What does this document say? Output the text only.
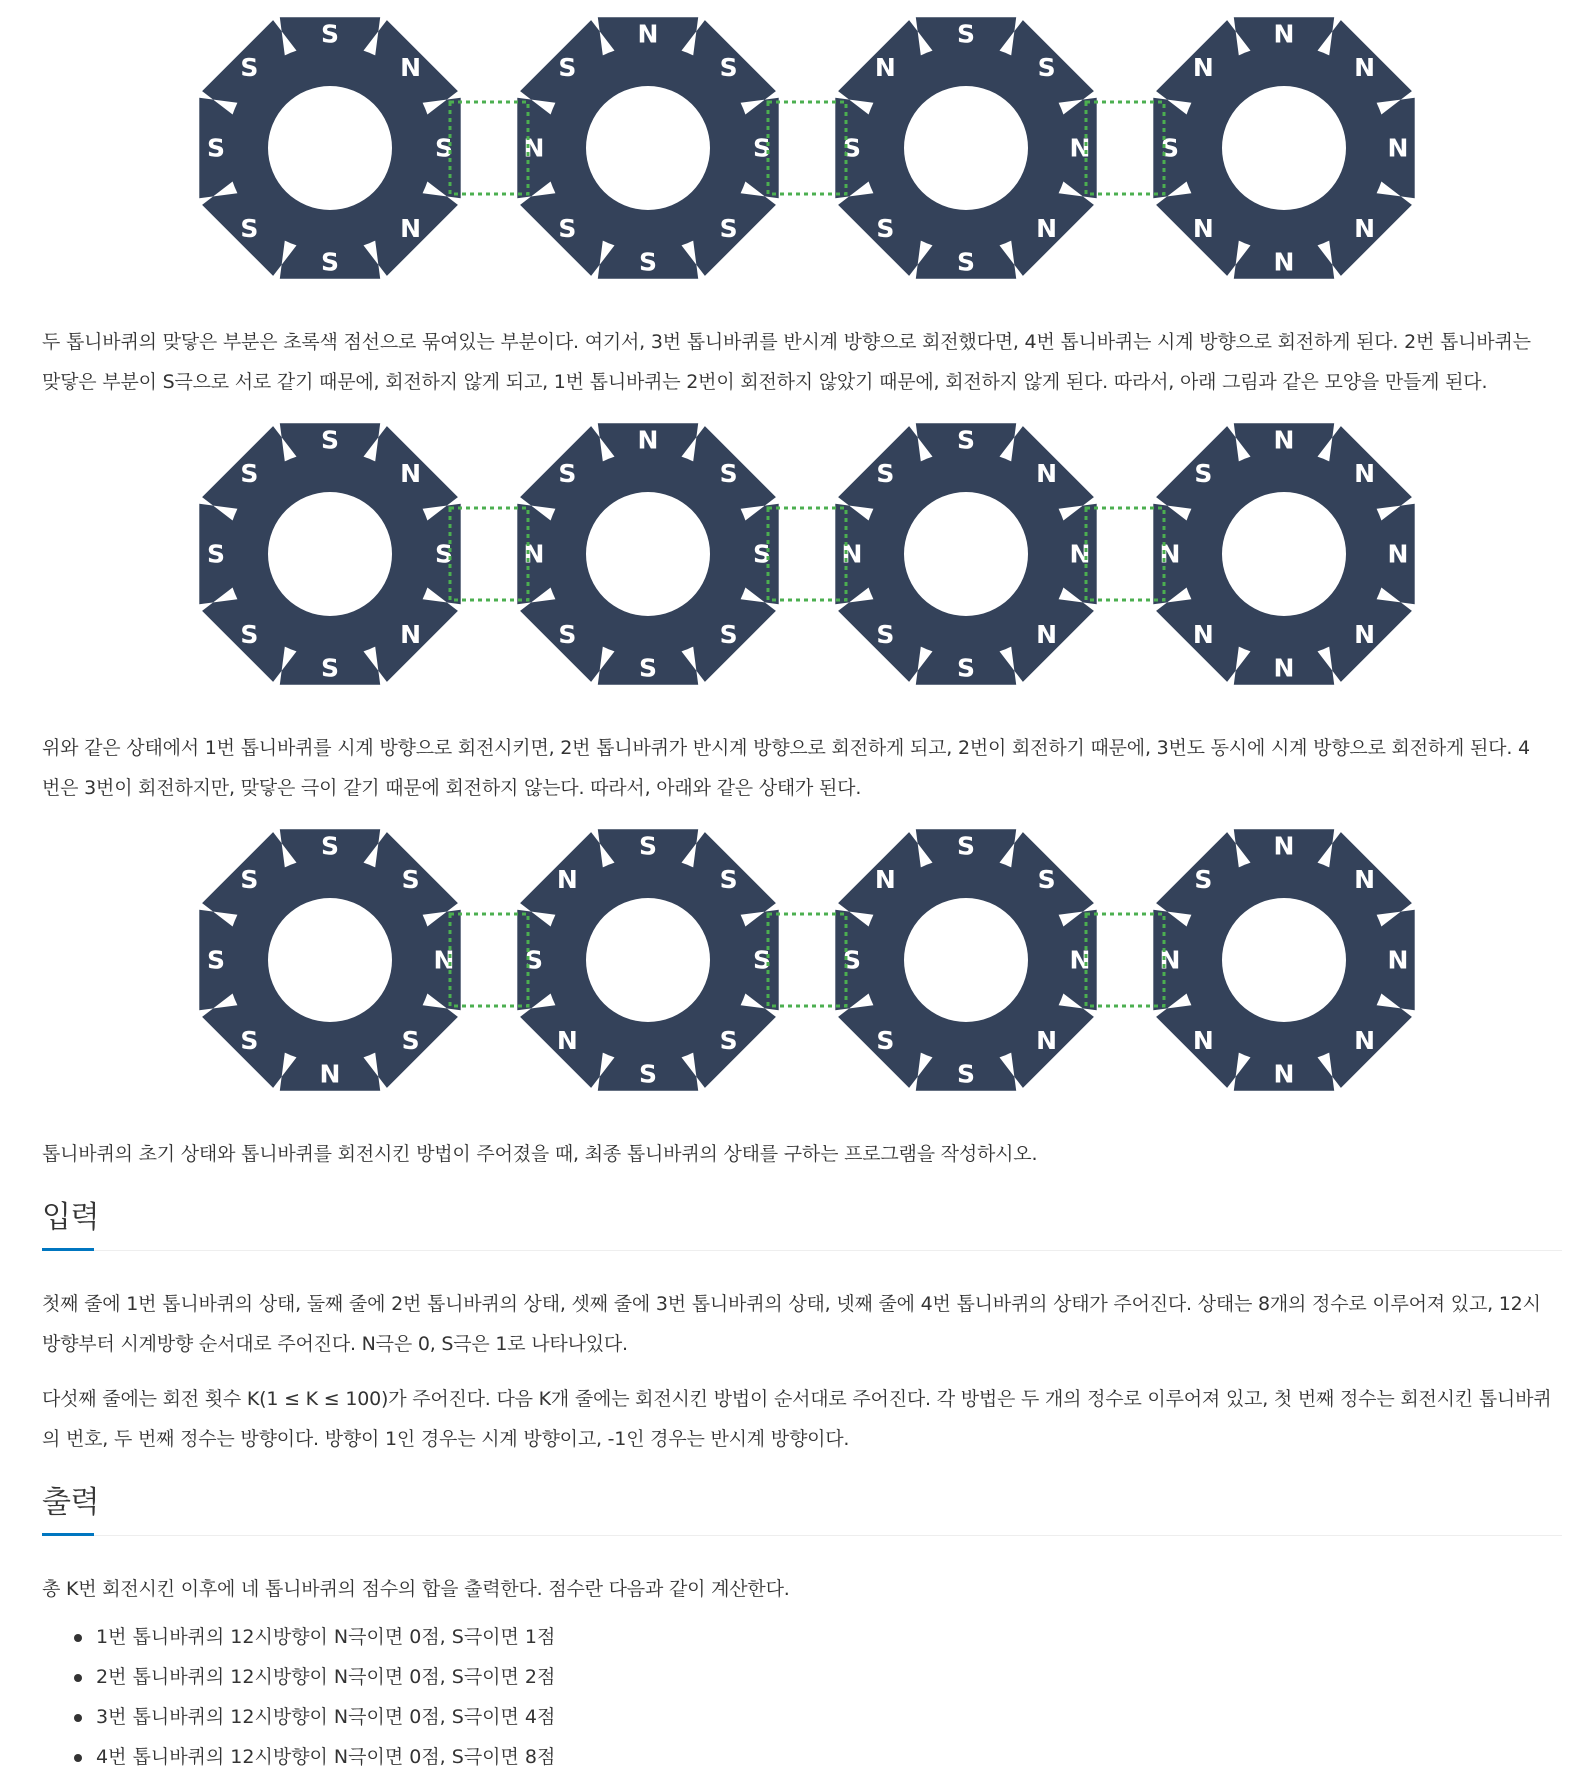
S
N
S
N
S
S
S
S
N
S
S
S
S
S
N
S
S
S
N
N
S
S
S
N
N
N
N
N
N
N
S
N

두 톱니바퀴의 맞닿은 부분은 초록색 점선으로 묶여있는 부분이다. 여기서, 3번 톱니바퀴를 반시계 방향으로 회전했다면, 4번 톱니바퀴는 시계 방향으로 회전하게 된다. 2번 톱니바퀴는
맞닿은 부분이 S극으로 서로 같기 때문에, 회전하지 않게 되고, 1번 톱니바퀴는 2번이 회전하지 않았기 때문에, 회전하지 않게 된다. 따라서, 아래 그림과 같은 모양을 만들게 된다.

S
N
S
N
S
S
S
S
N
S
S
S
S
S
N
S
S
N
N
N
S
S
N
S
N
N
N
N
N
N
N
S

위와 같은 상태에서 1번 톱니바퀴를 시계 방향으로 회전시키면, 2번 톱니바퀴가 반시계 방향으로 회전하게 되고, 2번이 회전하기 때문에, 3번도 동시에 시계 방향으로 회전하게 된다. 4
번은 3번이 회전하지만, 맞닿은 극이 같기 때문에 회전하지 않는다. 따라서, 아래와 같은 상태가 된다.

S
S
N
S
N
S
S
S
S
S
S
S
S
N
S
N
S
S
N
N
S
S
S
N
N
N
N
N
N
N
N
S

톱니바퀴의 초기 상태와 톱니바퀴를 회전시킨 방법이 주어졌을 때, 최종 톱니바퀴의 상태를 구하는 프로그램을 작성하시오.

입력

첫째 줄에 1번 톱니바퀴의 상태, 둘째 줄에 2번 톱니바퀴의 상태, 셋째 줄에 3번 톱니바퀴의 상태, 넷째 줄에 4번 톱니바퀴의 상태가 주어진다. 상태는 8개의 정수로 이루어져 있고, 12시
방향부터 시계방향 순서대로 주어진다. N극은 0, S극은 1로 나타나있다.

다섯째 줄에는 회전 횟수 K(1 ≤ K ≤ 100)가 주어진다. 다음 K개 줄에는 회전시킨 방법이 순서대로 주어진다. 각 방법은 두 개의 정수로 이루어져 있고, 첫 번째 정수는 회전시킨 톱니바퀴
의 번호, 두 번째 정수는 방향이다. 방향이 1인 경우는 시계 방향이고, -1인 경우는 반시계 방향이다.

출력

총 K번 회전시킨 이후에 네 톱니바퀴의 점수의 합을 출력한다. 점수란 다음과 같이 계산한다.

1번 톱니바퀴의 12시방향이 N극이면 0점, S극이면 1점
2번 톱니바퀴의 12시방향이 N극이면 0점, S극이면 2점
3번 톱니바퀴의 12시방향이 N극이면 0점, S극이면 4점
4번 톱니바퀴의 12시방향이 N극이면 0점, S극이면 8점
